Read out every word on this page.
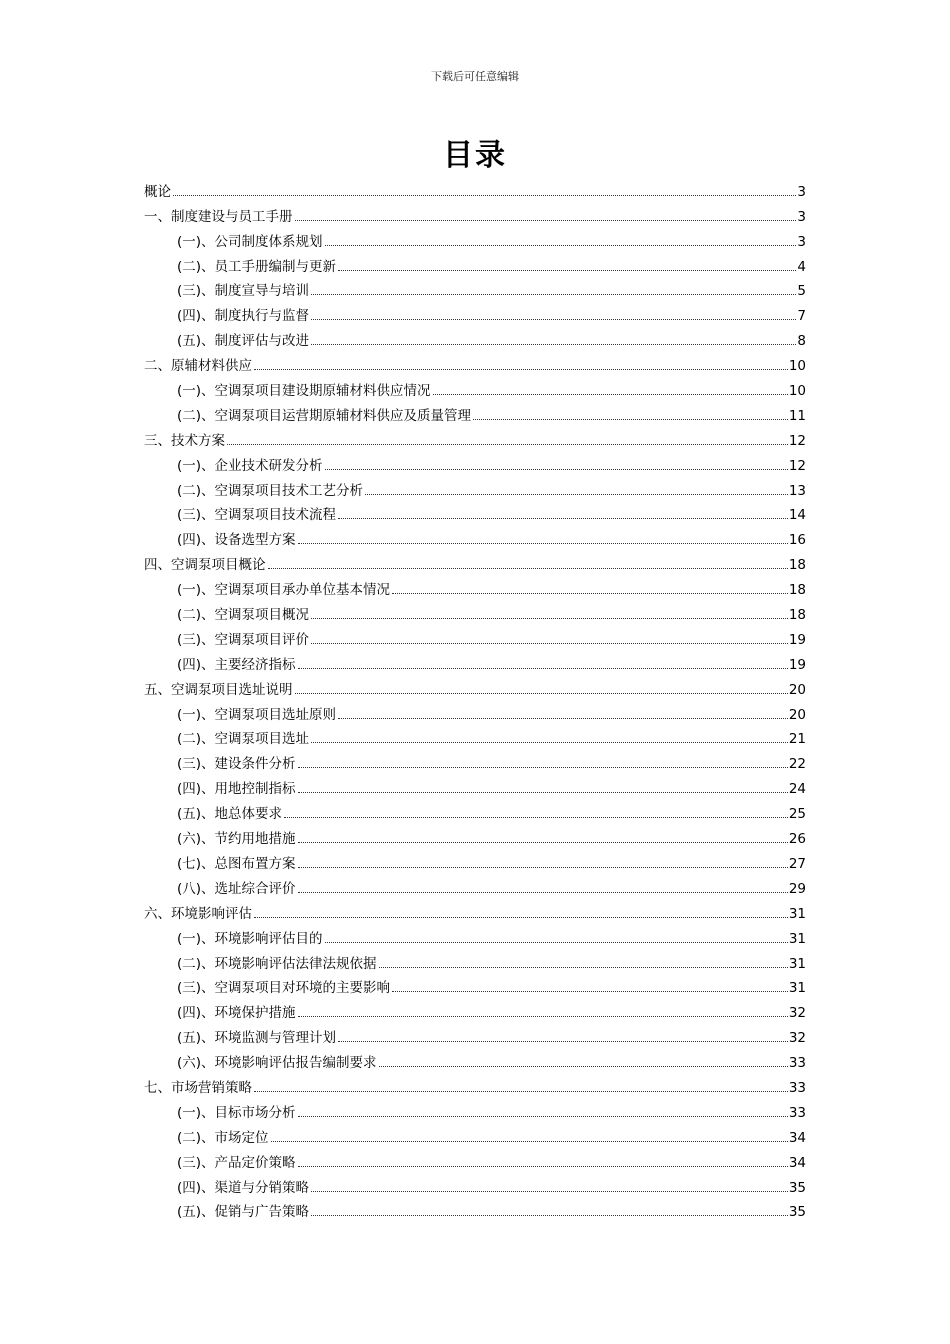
下载后可任意编辑
目录
概论	3
一、制度建设与员工手册	3
(一)、公司制度体系规划	3
(二)、员工手册编制与更新	4
(三)、制度宣导与培训	5
(四)、制度执行与监督	7
(五)、制度评估与改进	8
二、原辅材料供应	10
(一)、空调泵项目建设期原辅材料供应情况	10
(二)、空调泵项目运营期原辅材料供应及质量管理	11
三、技术方案	12
(一)、企业技术研发分析	12
(二)、空调泵项目技术工艺分析	13
(三)、空调泵项目技术流程	14
(四)、设备选型方案	16
四、空调泵项目概论	18
(一)、空调泵项目承办单位基本情况	18
(二)、空调泵项目概况	18
(三)、空调泵项目评价	19
(四)、主要经济指标	19
五、空调泵项目选址说明	20
(一)、空调泵项目选址原则	20
(二)、空调泵项目选址	21
(三)、建设条件分析	22
(四)、用地控制指标	24
(五)、地总体要求	25
(六)、节约用地措施	26
(七)、总图布置方案	27
(八)、选址综合评价	29
六、环境影响评估	31
(一)、环境影响评估目的	31
(二)、环境影响评估法律法规依据	31
(三)、空调泵项目对环境的主要影响	31
(四)、环境保护措施	32
(五)、环境监测与管理计划	32
(六)、环境影响评估报告编制要求	33
七、市场营销策略	33
(一)、目标市场分析	33
(二)、市场定位	34
(三)、产品定价策略	34
(四)、渠道与分销策略	35
(五)、促销与广告策略	35
